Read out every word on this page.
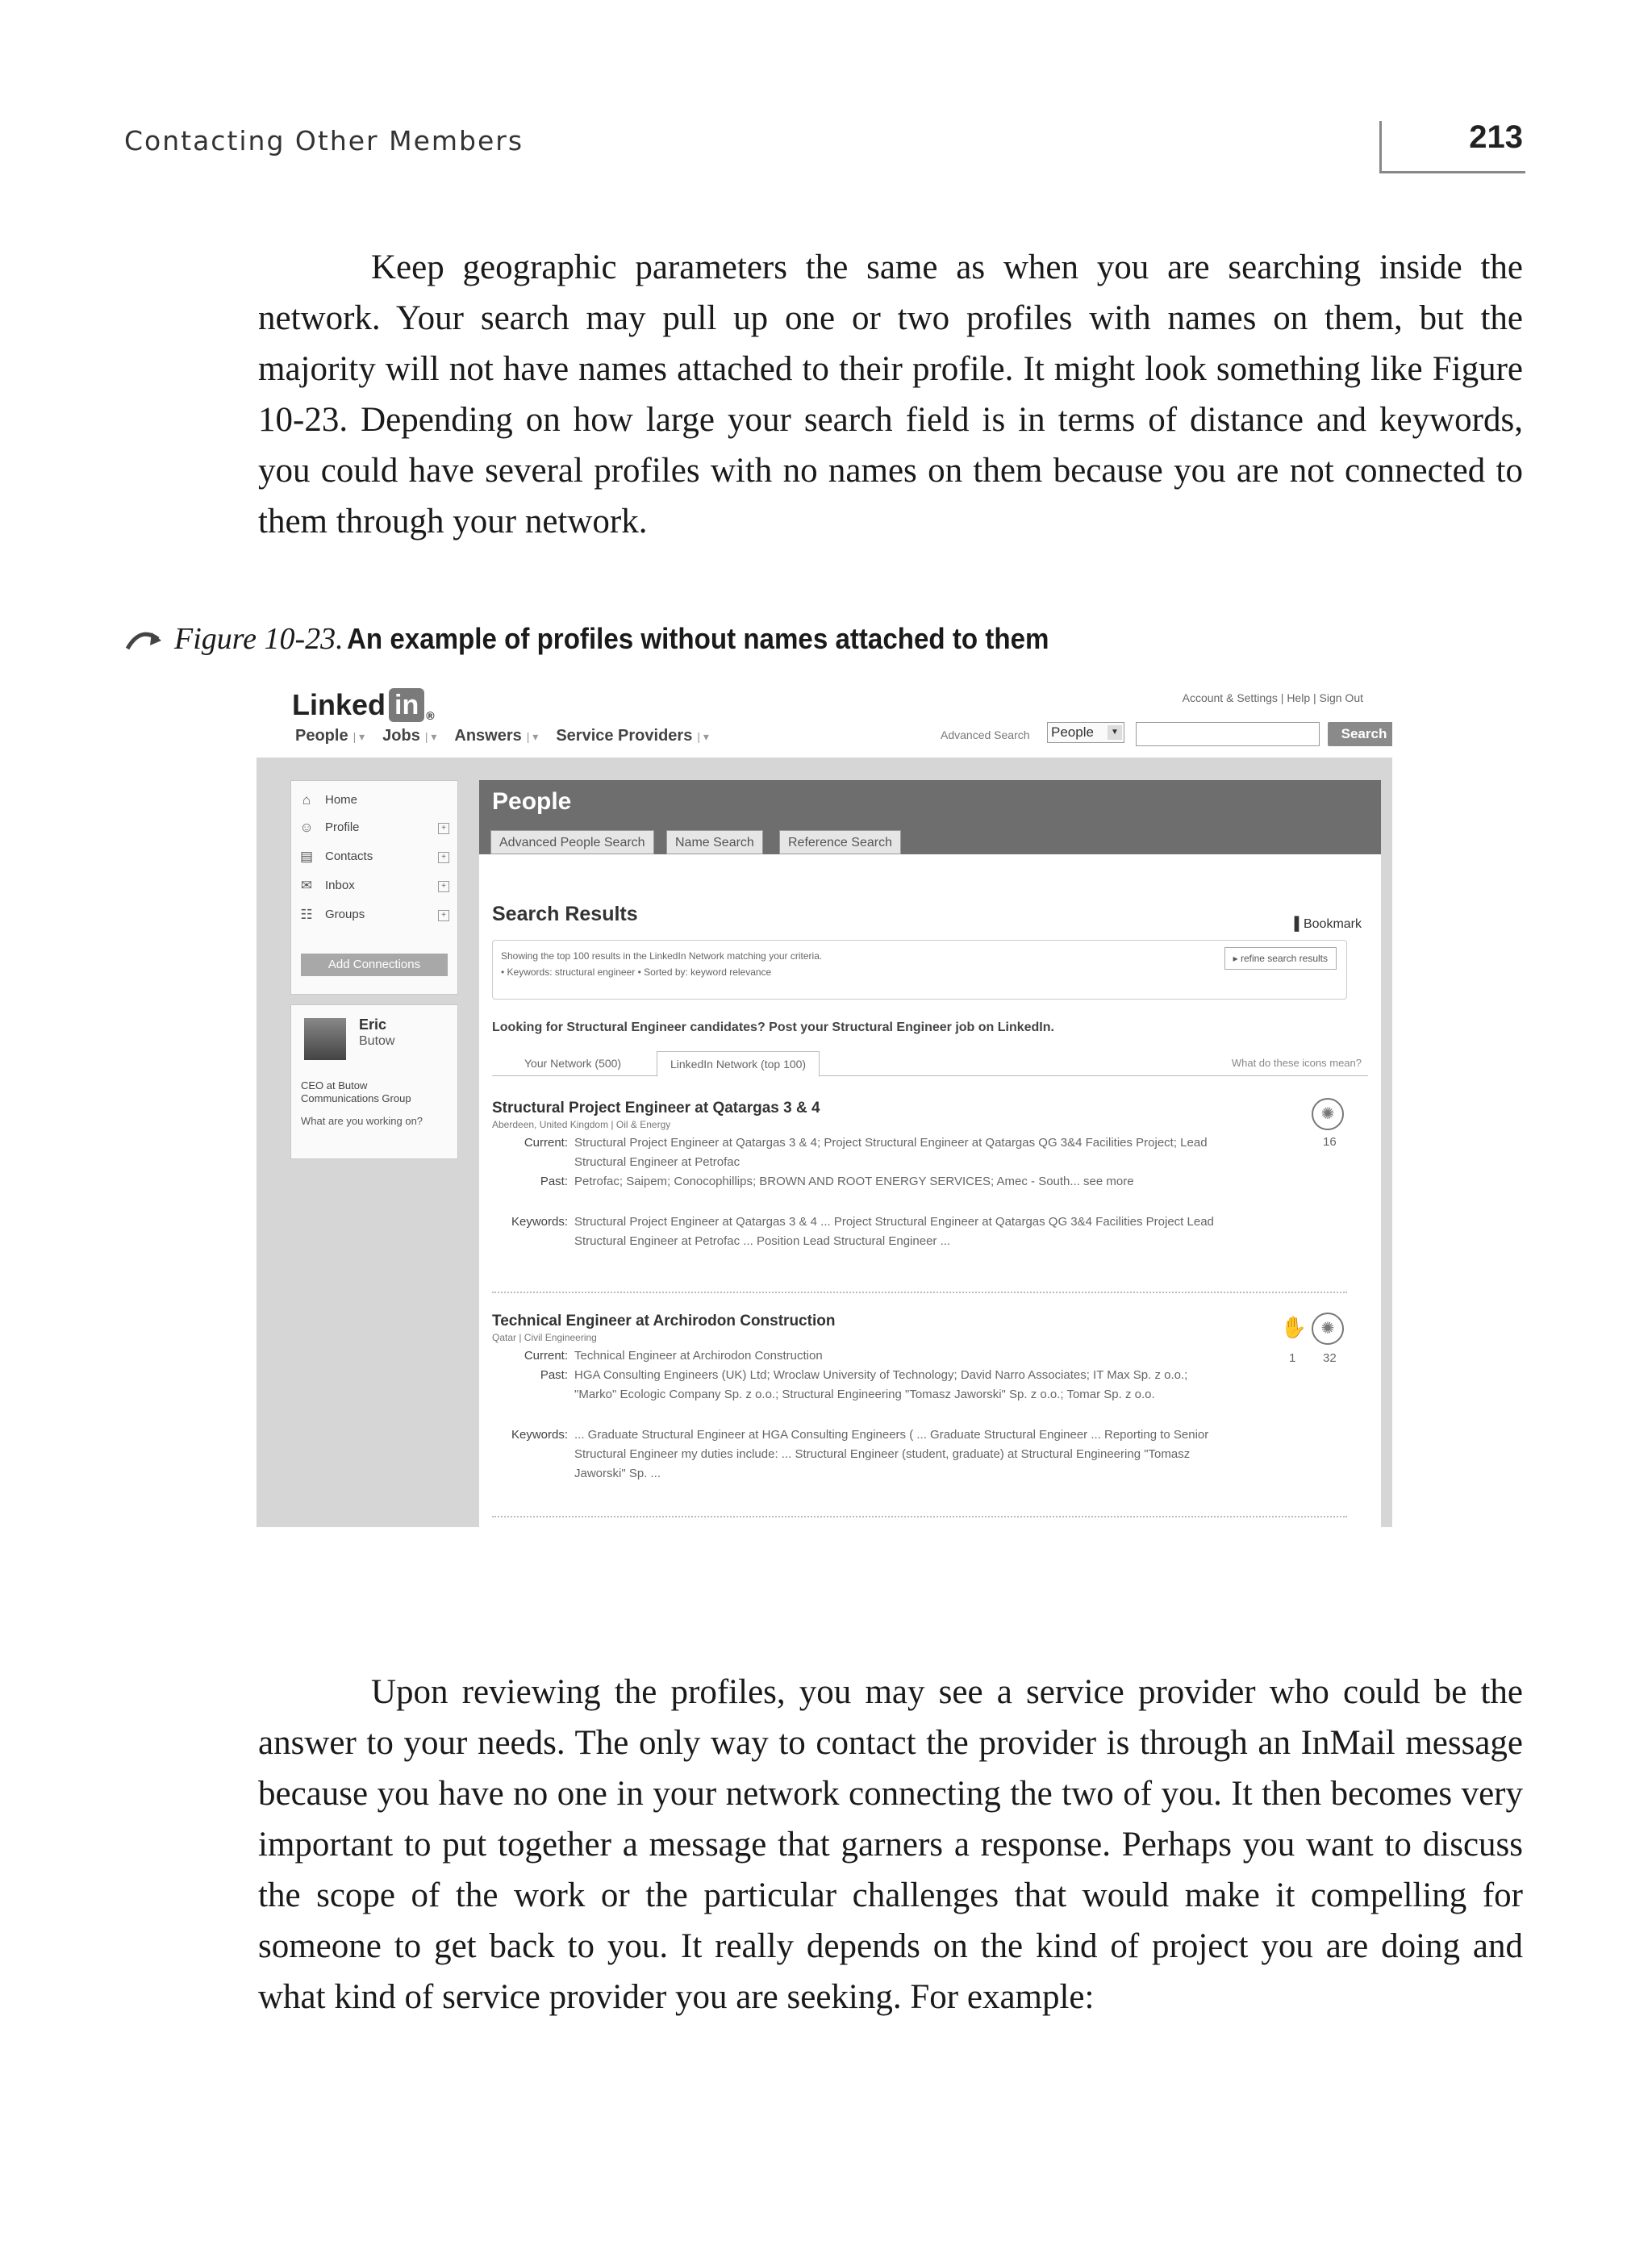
Contacting Other Members	213

Keep geographic parameters the same as when you are searching inside the network. Your search may pull up one or two profiles with names on them, but the majority will not have names attached to their profile. It might look something like Figure 10-23. Depending on how large your search field is in terms of distance and keywords, you could have several profiles with no names on them because you are not connected to them through your network.

Figure 10-23. An example of profiles without names attached to them
Linked in ®
Account & Settings | Help | Sign Out
People | ▾ Jobs | ▾ Answers | ▾ Service Providers | ▾	Advanced Search People	▼	Search
⌂	Home
☺ Profile	+
▤ Contacts	+
✉ Inbox	+
☷ Groups	+
Add Connections
Eric
Butow
CEO at Butow Communications Group
What are you working on?
People
Advanced People Search	Name Search	Reference Search
Search Results	▌Bookmark
Showing the top 100 results in the LinkedIn Network matching your criteria.
• Keywords: structural engineer • Sorted by: keyword relevance
▸ refine search results
Looking for Structural Engineer candidates? Post your Structural Engineer job on LinkedIn.
Your Network (500)	LinkedIn Network (top 100)	What do these icons mean?
Structural Project Engineer at Qatargas 3 & 4
Aberdeen, United Kingdom | Oil & Energy
Current: Structural Project Engineer at Qatargas 3 & 4; Project Structural Engineer at Qatargas QG 3&4 Facilities Project; Lead Structural Engineer at Petrofac
Past: Petrofac; Saipem; Conocophillips; BROWN AND ROOT ENERGY SERVICES; Amec - South... see more
Keywords: Structural Project Engineer at Qatargas 3 & 4 ... Project Structural Engineer at Qatargas QG 3&4 Facilities Project Lead Structural Engineer at Petrofac ... Position Lead Structural Engineer ...
✺
16
Technical Engineer at Archirodon Construction
Qatar | Civil Engineering
Current: Technical Engineer at Archirodon Construction
Past: HGA Consulting Engineers (UK) Ltd; Wroclaw University of Technology; David Narro Associates; IT Max Sp. z o.o.; "Marko" Ecologic Company Sp. z o.o.; Structural Engineering "Tomasz Jaworski" Sp. z o.o.; Tomar Sp. z o.o.
Keywords: ... Graduate Structural Engineer at HGA Consulting Engineers ( ... Graduate Structural Engineer ... Reporting to Senior Structural Engineer my duties include: ... Structural Engineer (student, graduate) at Structural Engineering "Tomasz Jaworski" Sp. ...
✋ ✺
1 32

Upon reviewing the profiles, you may see a service provider who could be the answer to your needs. The only way to contact the provider is through an InMail message because you have no one in your network connecting the two of you. It then becomes very important to put together a message that garners a response. Perhaps you want to discuss the scope of the work or the particular challenges that would make it compelling for someone to get back to you. It really depends on the kind of project you are doing and what kind of service provider you are seeking. For example:
